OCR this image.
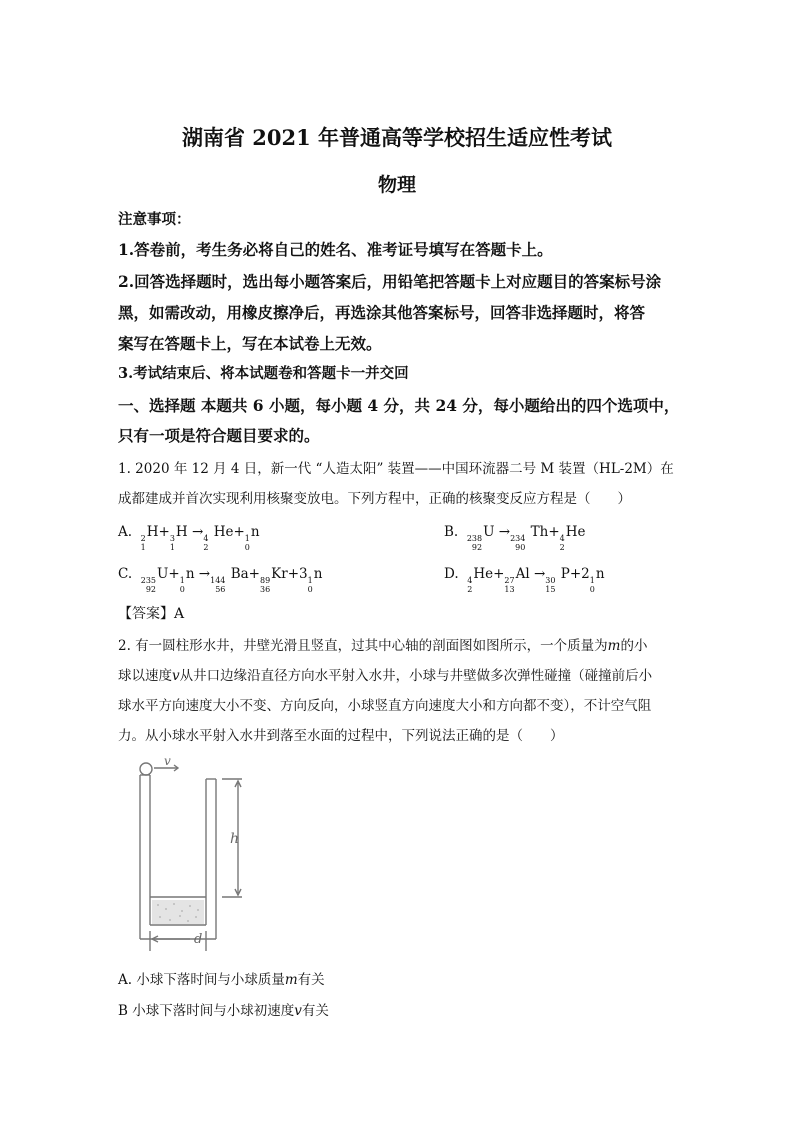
湖南省 2021 年普通高等学校招生适应性考试
物理
注意事项：
1.答卷前，考生务必将自己的姓名、准考证号填写在答题卡上。
2.回答选择题时，选出每小题答案后，用铅笔把答题卡上对应题目的答案标号涂
黑，如需改动，用橡皮擦净后，再选涂其他答案标号，回答非选择题时，将答
案写在答题卡上，写在本试卷上无效。
3.考试结束后、将本试题卷和答题卡一并交回
一、选择题 本题共 6 小题，每小题 4 分，共 24 分，每小题给出的四个选项中，
只有一项是符合题目要求的。
1. 2020 年 12 月 4 日，新一代 “人造太阳” 装置——中国环流器二号 M 装置（HL-2M）在
成都建成并首次实现利用核聚变放电。下列方程中，正确的核聚变反应方程是（　　）
A. 2
1
H+ 3
1
H → 4
2
He+ 1
0
n	B. 238
92
U → 234
90
Th+ 4
2
He
C. 235
92
U+ 1
0
n → 144
56
Ba+ 89
36
Kr+3 1
0
n	D. 4
2
He+ 27
13
Al → 30
15
P+2 1
0
n
【答案】A
2. 有一圆柱形水井，井壁光滑且竖直，过其中心轴的剖面图如图所示，一个质量为m的小
球以速度v从井口边缘沿直径方向水平射入水井，小球与井壁做多次弹性碰撞（碰撞前后小
球水平方向速度大小不变、方向反向，小球竖直方向速度大小和方向都不变），不计空气阻
力。从小球水平射入水井到落至水面的过程中，下列说法正确的是（　　）
v
h
d
A. 小球下落时间与小球质量m有关
B 小球下落时间与小球初速度v有关
